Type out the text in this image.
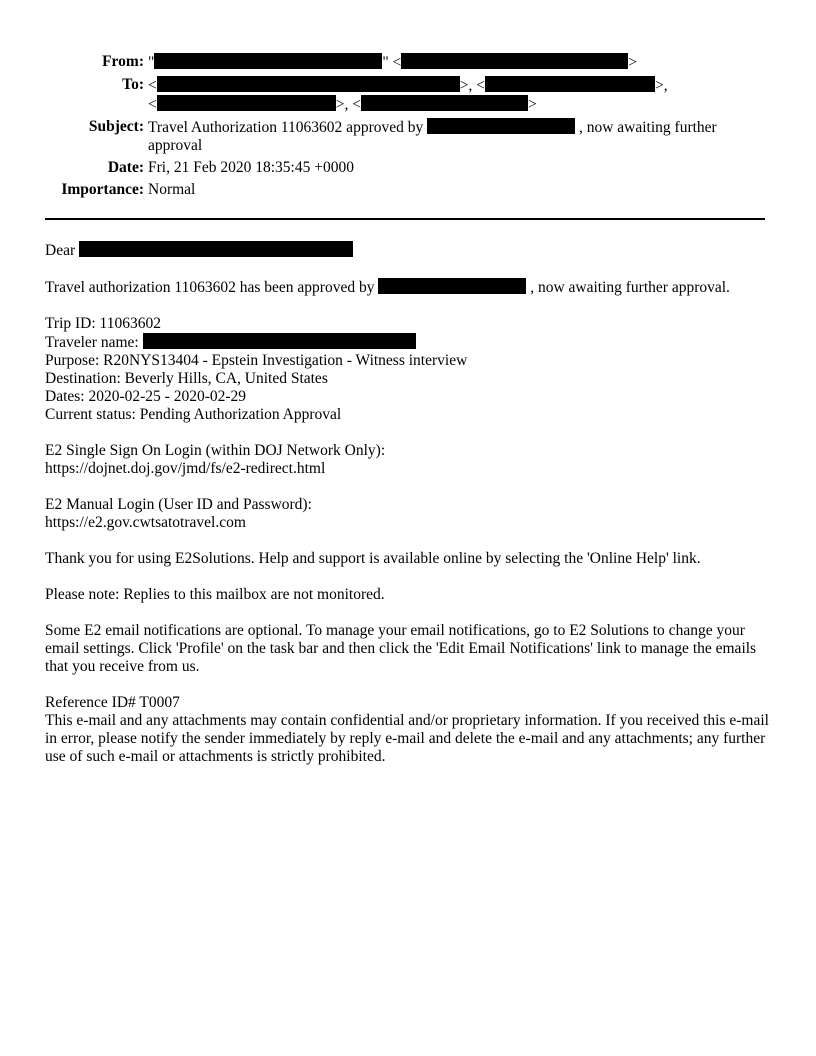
From: "	" <	>
To: <	>, <	>,
<	>, <	>
Subject: Travel Authorization 11063602 approved by	, now awaiting further approval
Date: Fri, 21 Feb 2020 18:35:45 +0000
Importance: Normal

Dear

Travel authorization 11063602 has been approved by	, now awaiting further approval.

Trip ID: 11063602
Traveler name:
Purpose: R20NYS13404 - Epstein Investigation - Witness interview
Destination: Beverly Hills, CA, United States
Dates: 2020-02-25 - 2020-02-29
Current status: Pending Authorization Approval

E2 Single Sign On Login (within DOJ Network Only):
https://dojnet.doj.gov/jmd/fs/e2-redirect.html

E2 Manual Login (User ID and Password):
https://e2.gov.cwtsatotravel.com

Thank you for using E2Solutions. Help and support is available online by selecting the 'Online Help' link.

Please note: Replies to this mailbox are not monitored.

Some E2 email notifications are optional. To manage your email notifications, go to E2 Solutions to change your email settings. Click 'Profile' on the task bar and then click the 'Edit Email Notifications' link to manage the emails that you receive from us.

Reference ID# T0007
This e-mail and any attachments may contain confidential and/or proprietary information. If you received this e-mail in error, please notify the sender immediately by reply e-mail and delete the e-mail and any attachments; any further use of such e-mail or attachments is strictly prohibited.
